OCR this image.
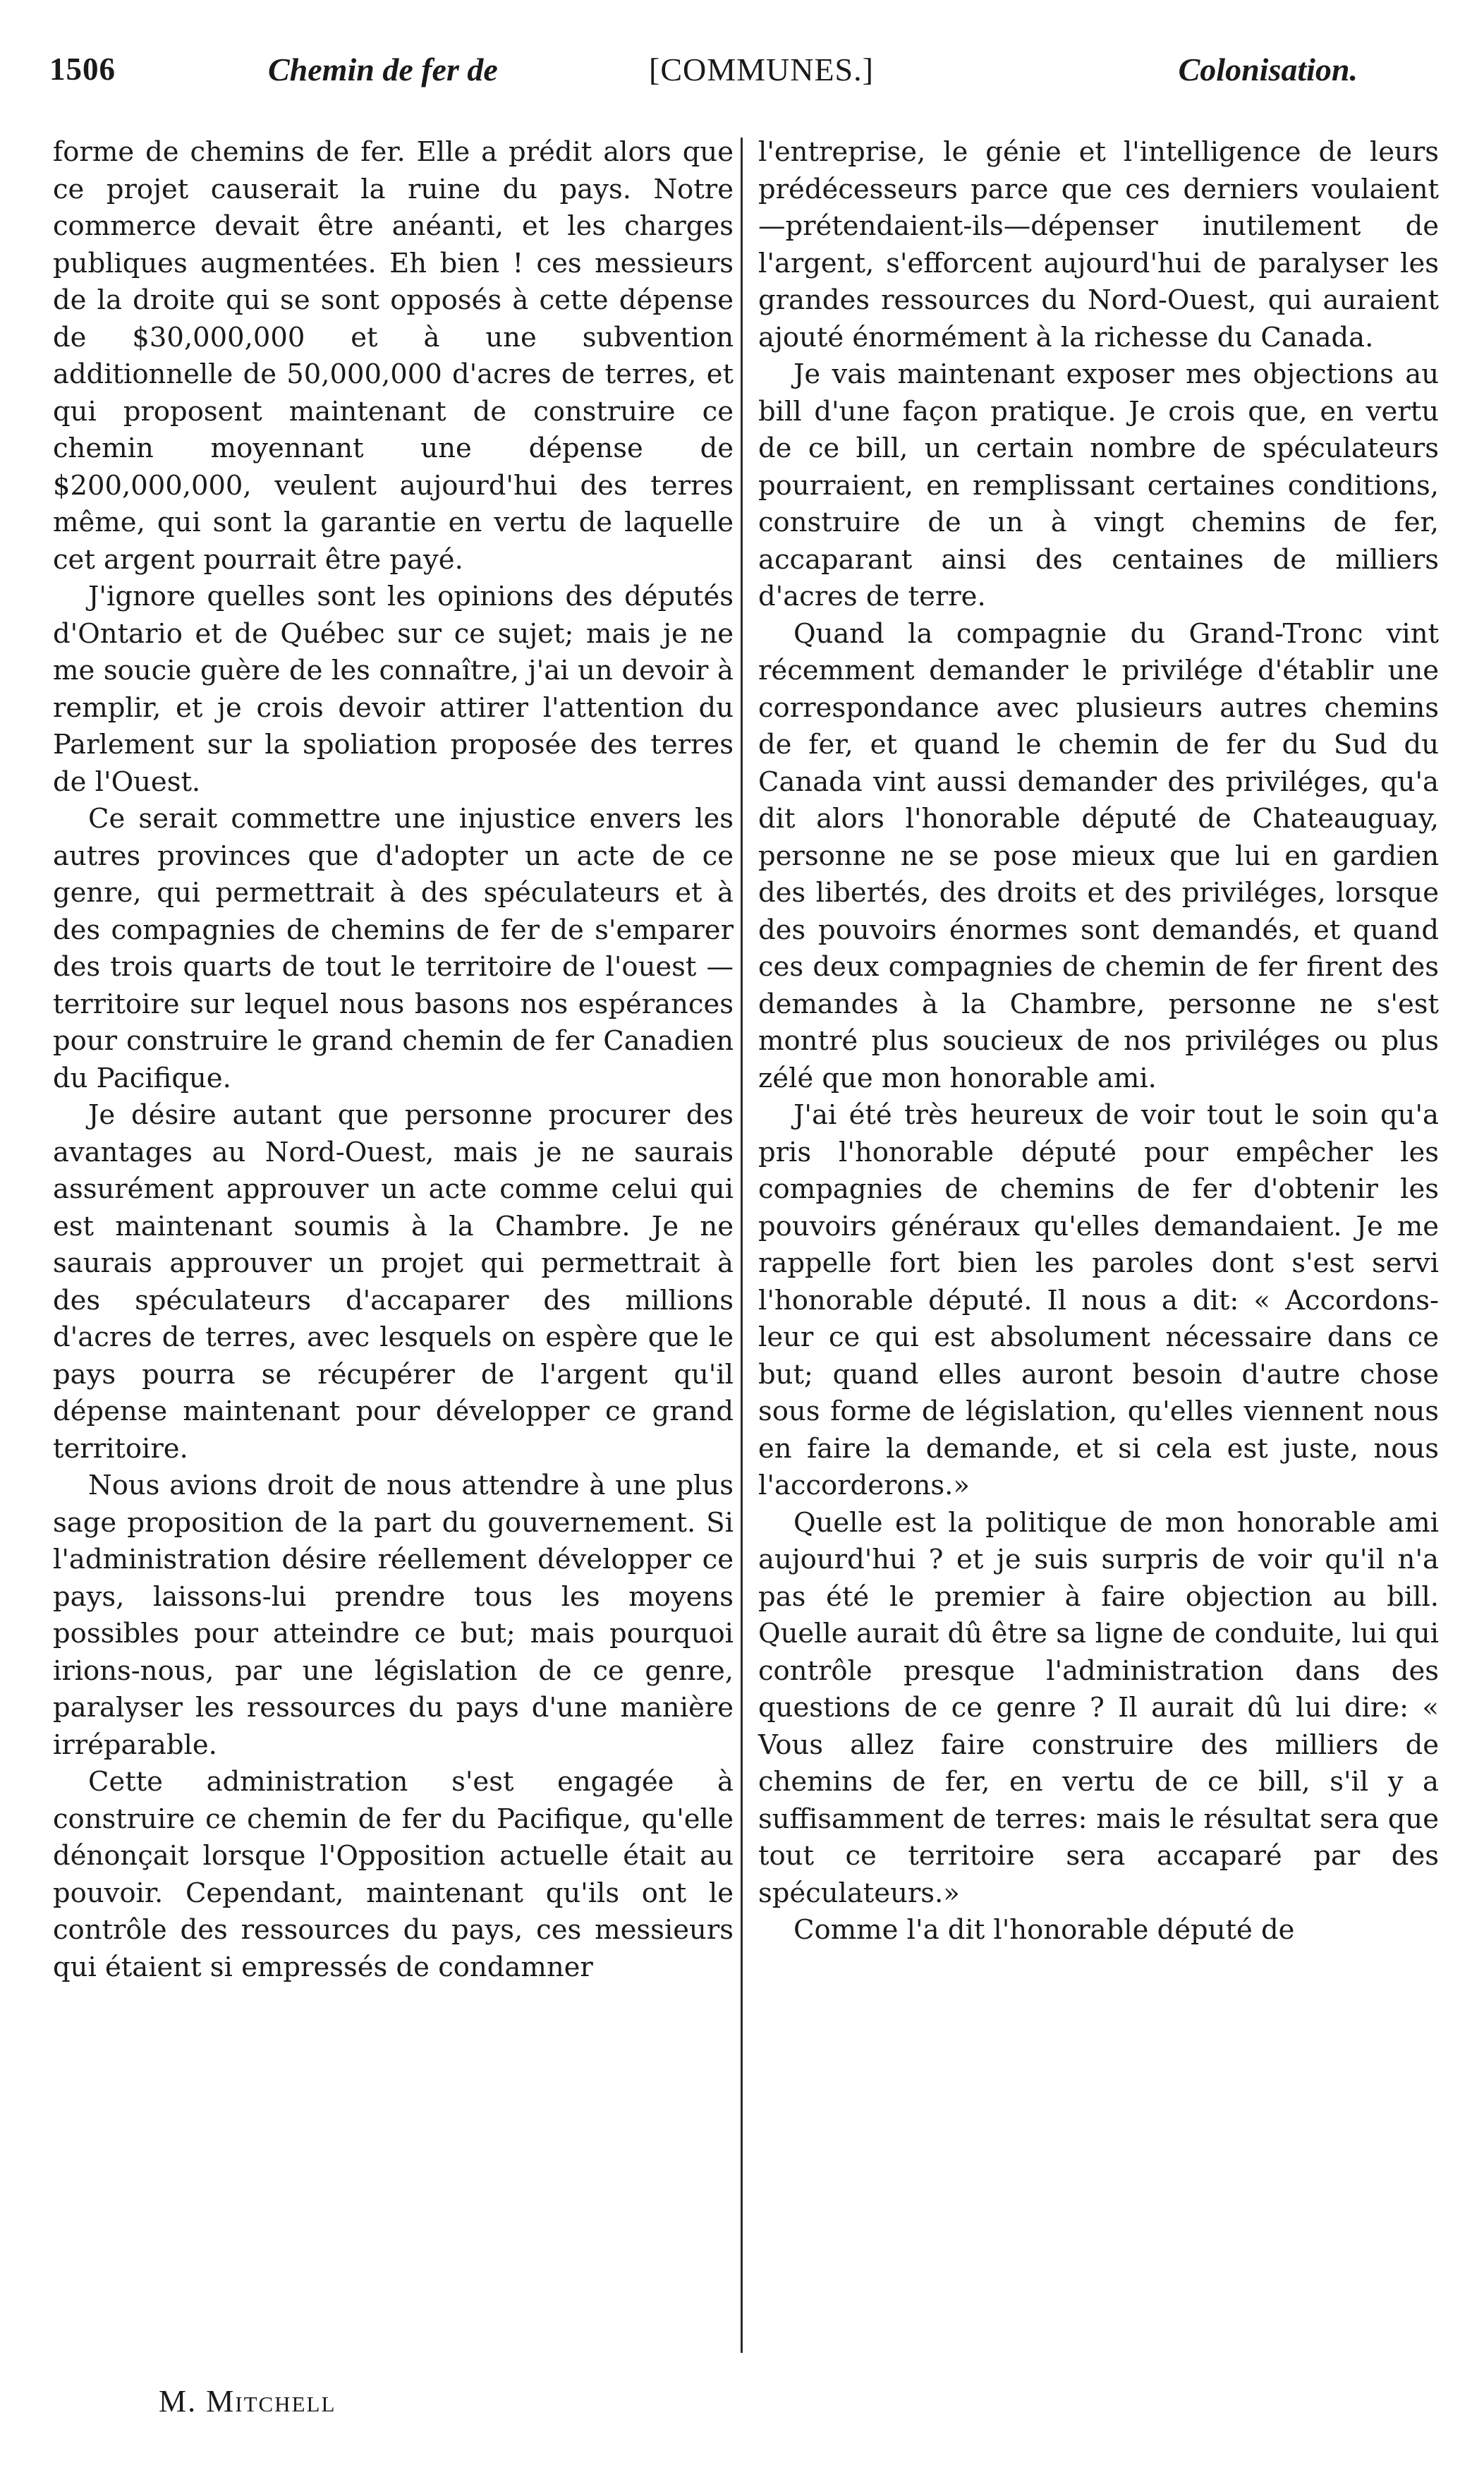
1506	Chemin de fer de	[COMMUNES.]	Colonisation.

forme de chemins de fer. Elle a prédit alors que ce projet causerait la ruine du pays. Notre commerce devait être anéanti, et les charges publiques augmentées. Eh bien ! ces messieurs de la droite qui se sont opposés à cette dépense de $30,000,000 et à une subvention additionnelle de 50,000,000 d'acres de terres, et qui proposent maintenant de construire ce chemin moyennant une dépense de $200,000,000, veulent aujourd'hui des terres même, qui sont la garantie en vertu de laquelle cet argent pourrait être payé.

J'ignore quelles sont les opinions des députés d'Ontario et de Québec sur ce sujet; mais je ne me soucie guère de les connaître, j'ai un devoir à remplir, et je crois devoir attirer l'attention du Parlement sur la spoliation proposée des terres de l'Ouest.

Ce serait commettre une injustice envers les autres provinces que d'adopter un acte de ce genre, qui permettrait à des spéculateurs et à des compagnies de chemins de fer de s'emparer des trois quarts de tout le territoire de l'ouest — territoire sur lequel nous basons nos espérances pour construire le grand chemin de fer Canadien du Pacifique.

Je désire autant que personne procurer des avantages au Nord-Ouest, mais je ne saurais assurément approuver un acte comme celui qui est maintenant soumis à la Chambre. Je ne saurais approuver un projet qui permettrait à des spéculateurs d'accaparer des millions d'acres de terres, avec lesquels on espère que le pays pourra se récupérer de l'argent qu'il dépense maintenant pour développer ce grand territoire.

Nous avions droit de nous attendre à une plus sage proposition de la part du gouvernement. Si l'administration désire réellement développer ce pays, laissons-lui prendre tous les moyens possibles pour atteindre ce but; mais pourquoi irions-nous, par une législation de ce genre, paralyser les ressources du pays d'une manière irréparable.

Cette administration s'est engagée à construire ce chemin de fer du Pacifique, qu'elle dénonçait lorsque l'Opposition actuelle était au pouvoir. Cependant, maintenant qu'ils ont le contrôle des ressources du pays, ces messieurs qui étaient si empressés de condamner

l'entreprise, le génie et l'intelligence de leurs prédécesseurs parce que ces derniers voulaient—prétendaient-ils—dépenser inutilement de l'argent, s'efforcent aujourd'hui de paralyser les grandes ressources du Nord-Ouest, qui auraient ajouté énormément à la richesse du Canada.

Je vais maintenant exposer mes objections au bill d'une façon pratique. Je crois que, en vertu de ce bill, un certain nombre de spéculateurs pourraient, en remplissant certaines conditions, construire de un à vingt chemins de fer, accaparant ainsi des centaines de milliers d'acres de terre.

Quand la compagnie du Grand-Tronc vint récemment demander le privilége d'établir une correspondance avec plusieurs autres chemins de fer, et quand le chemin de fer du Sud du Canada vint aussi demander des priviléges, qu'a dit alors l'honorable député de Chateauguay, personne ne se pose mieux que lui en gardien des libertés, des droits et des priviléges, lorsque des pouvoirs énormes sont demandés, et quand ces deux compagnies de chemin de fer firent des demandes à la Chambre, personne ne s'est montré plus soucieux de nos priviléges ou plus zélé que mon honorable ami.

J'ai été très heureux de voir tout le soin qu'a pris l'honorable député pour empêcher les compagnies de chemins de fer d'obtenir les pouvoirs généraux qu'elles demandaient. Je me rappelle fort bien les paroles dont s'est servi l'honorable député. Il nous a dit: « Accordons-leur ce qui est absolument nécessaire dans ce but; quand elles auront besoin d'autre chose sous forme de législation, qu'elles viennent nous en faire la demande, et si cela est juste, nous l'accorderons.»

Quelle est la politique de mon honorable ami aujourd'hui ? et je suis surpris de voir qu'il n'a pas été le premier à faire objection au bill. Quelle aurait dû être sa ligne de conduite, lui qui contrôle presque l'administration dans des questions de ce genre ? Il aurait dû lui dire: « Vous allez faire construire des milliers de chemins de fer, en vertu de ce bill, s'il y a suffisamment de terres: mais le résultat sera que tout ce territoire sera accaparé par des spéculateurs.»

Comme l'a dit l'honorable député de

M. Mitchell
